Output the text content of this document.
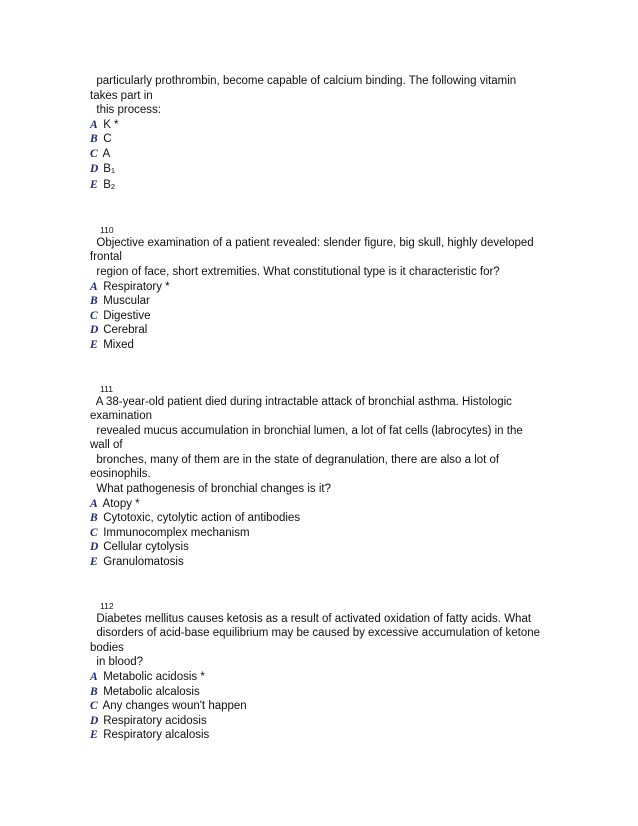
particularly prothrombin, become capable of calcium binding. The following vitamin

takes part in

this process:

A K *

B C

C A

D $B_1$

E $B_2$

110

Objective examination of a patient revealed: slender figure, big skull, highly developed

frontal

region of face, short extremities. What constitutional type is it characteristic for?

A Respiratory *

B Muscular

C Digestive

D Cerebral

E Mixed

111

A 38-year-old patient died during intractable attack of bronchial asthma. Histologic

examination

revealed mucus accumulation in bronchial lumen, a lot of fat cells (labrocytes) in the

wall of

bronches, many of them are in the state of degranulation, there are also a lot of

eosinophils.

What pathogenesis of bronchial changes is it?

A Atopy *

B Cytotoxic, cytolytic action of antibodies

C Immunocomplex mechanism

D Cellular cytolysis

E Granulomatosis

112

Diabetes mellitus causes ketosis as a result of activated oxidation of fatty acids. What

disorders of acid-base equilibrium may be caused by excessive accumulation of ketone

bodies

in blood?

A Metabolic acidosis *

B Metabolic alcalosis

C Any changes woun't happen

D Respiratory acidosis

E Respiratory alcalosis
